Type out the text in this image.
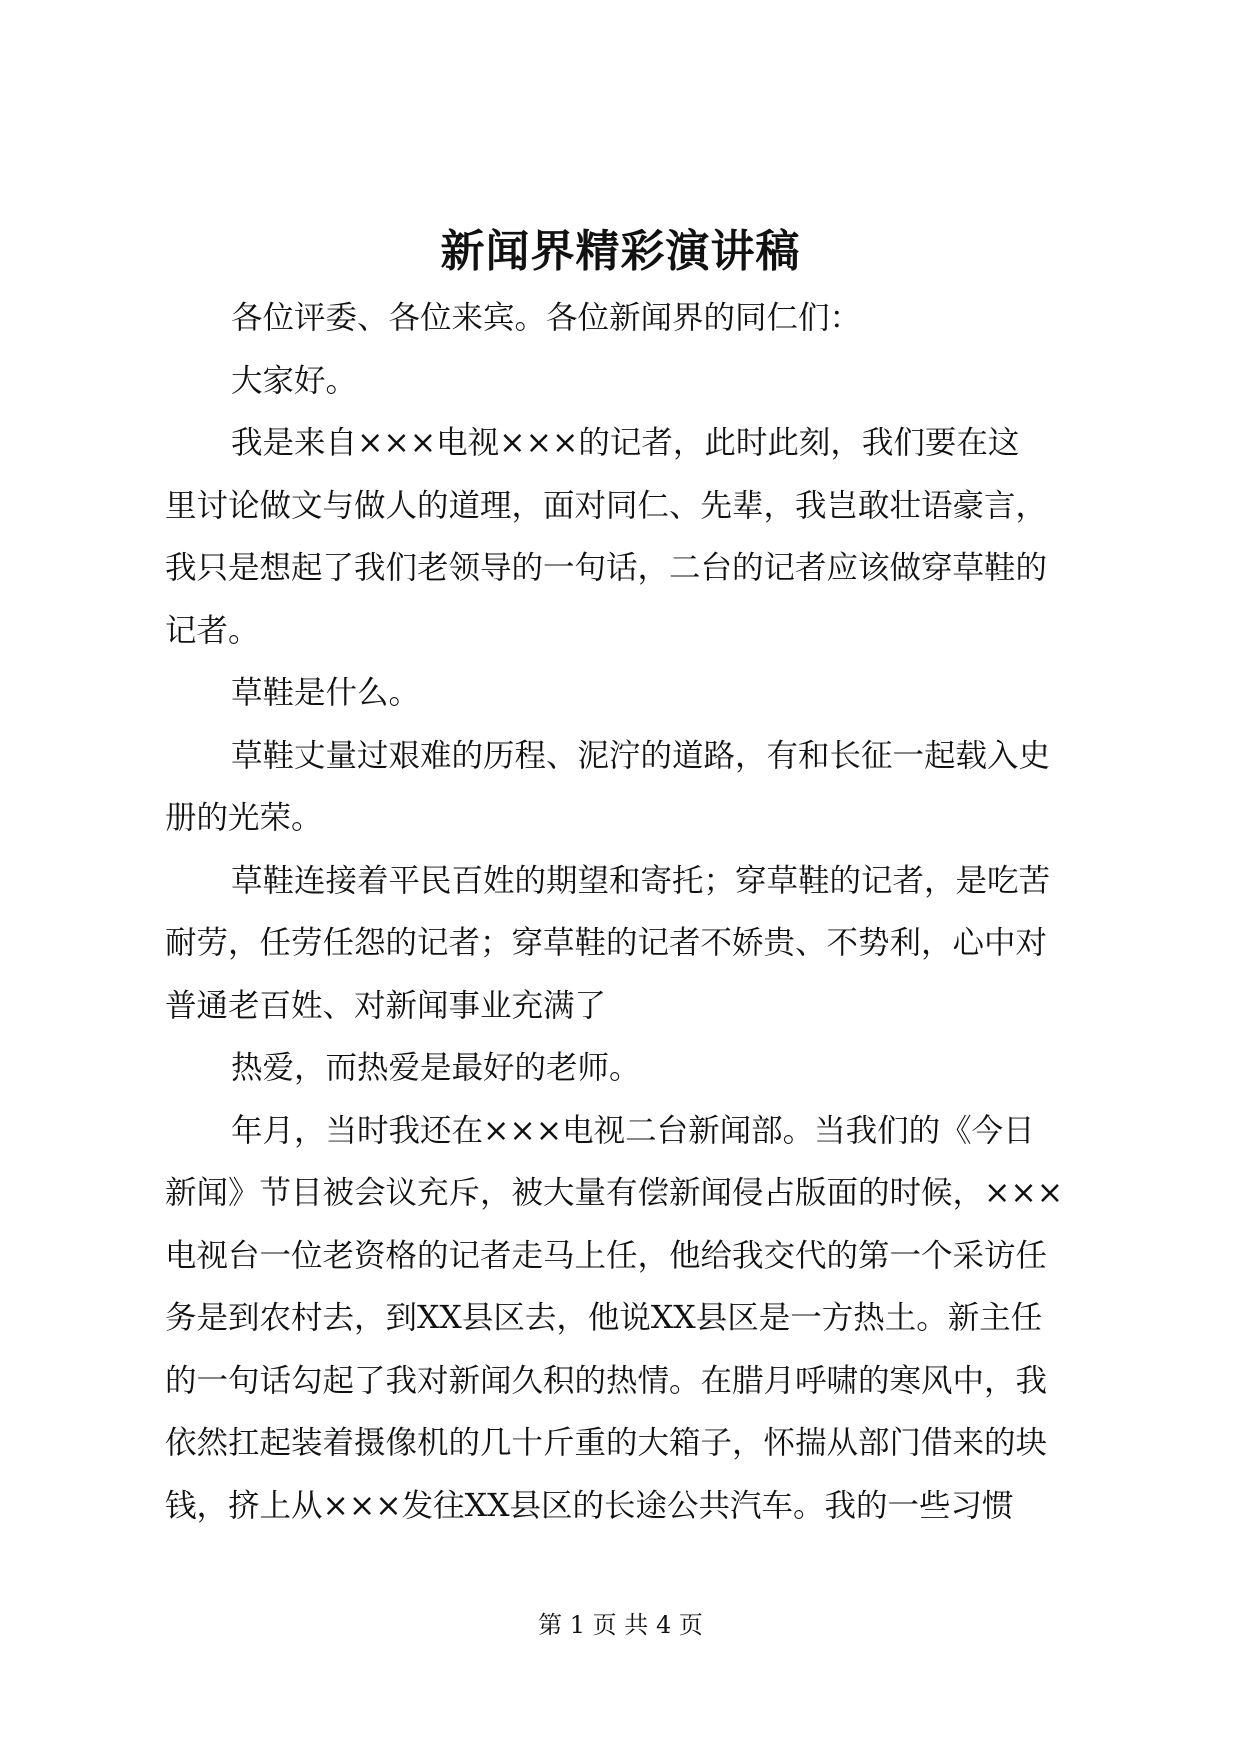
新闻界精彩演讲稿

各位评委、各位来宾。各位新闻界的同仁们：

大家好。

我是来自×××电视×××的记者，此时此刻，我们要在这
里讨论做文与做人的道理，面对同仁、先辈，我岂敢壮语豪言，
我只是想起了我们老领导的一句话，二台的记者应该做穿草鞋的
记者。

草鞋是什么。

草鞋丈量过艰难的历程、泥泞的道路，有和长征一起载入史
册的光荣。

草鞋连接着平民百姓的期望和寄托；穿草鞋的记者，是吃苦
耐劳，任劳任怨的记者；穿草鞋的记者不娇贵、不势利，心中对
普通老百姓、对新闻事业充满了

热爱，而热爱是最好的老师。

年月，当时我还在×××电视二台新闻部。当我们的《今日
新闻》节目被会议充斥，被大量有偿新闻侵占版面的时候，×××
电视台一位老资格的记者走马上任，他给我交代的第一个采访任
务是到农村去，到XX县区去，他说XX县区是一方热土。新主任
的一句话勾起了我对新闻久积的热情。在腊月呼啸的寒风中，我
依然扛起装着摄像机的几十斤重的大箱子，怀揣从部门借来的块
钱，挤上从×××发往XX县区的长途公共汽车。我的一些习惯

第 1 页 共 4 页
